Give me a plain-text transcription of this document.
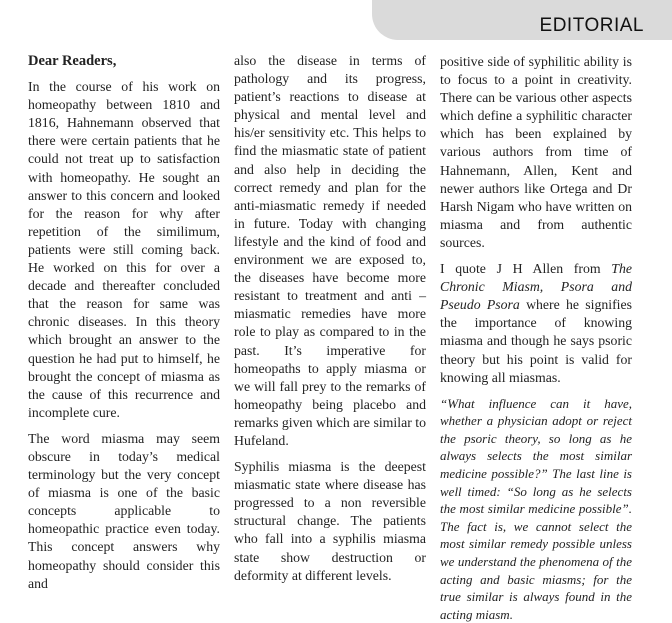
EDITORIAL

Dear Readers,

In the course of his work on homeopathy between 1810 and 1816, Hahnemann observed that there were certain patients that he could not treat up to satisfaction with homeopathy. He sought an answer to this concern and looked for the reason for why after repetition of the similimum, patients were still coming back. He worked on this for over a decade and thereafter concluded that the reason for same was chronic diseases. In this theory which brought an answer to the question he had put to himself, he brought the concept of miasma as the cause of this recurrence and incomplete cure.

The word miasma may seem obscure in today’s medical terminology but the very concept of miasma is one of the basic concepts applicable to homeopathic practice even today. This concept answers why homeopathy should consider this and

also the disease in terms of pathology and its progress, patient’s reactions to disease at physical and mental level and his/er sensitivity etc. This helps to find the miasmatic state of patient and also help in deciding the correct remedy and plan for the anti-miasmatic remedy if needed in future. Today with changing lifestyle and the kind of food and environment we are exposed to, the diseases have become more resistant to treatment and anti – miasmatic remedies have more role to play as compared to in the past. It’s imperative for homeopaths to apply miasma or we will fall prey to the remarks of homeopathy being placebo and remarks given which are similar to Hufeland.

Syphilis miasma is the deepest miasmatic state where disease has progressed to a non reversible structural change. The patients who fall into a syphilis miasma state show destruction or deformity at different levels.

positive side of syphilitic ability is to focus to a point in creativity. There can be various other aspects which define a syphilitic character which has been explained by various authors from time of Hahnemann, Allen, Kent and newer authors like Ortega and Dr Harsh Nigam who have written on miasma and from authentic sources.

I quote J H Allen from The Chronic Miasm, Psora and Pseudo Psora where he signifies the importance of knowing miasma and though he says psoric theory but his point is valid for knowing all miasmas.

“What influence can it have, whether a physician adopt or reject the psoric theory, so long as he always selects the most similar medicine possible?” The last line is well timed: “So long as he selects the most similar medicine possible”. The fact is, we cannot select the most similar remedy possible unless we understand the phenomena of the acting and basic miasms; for the true similar is always found in the acting miasm.
